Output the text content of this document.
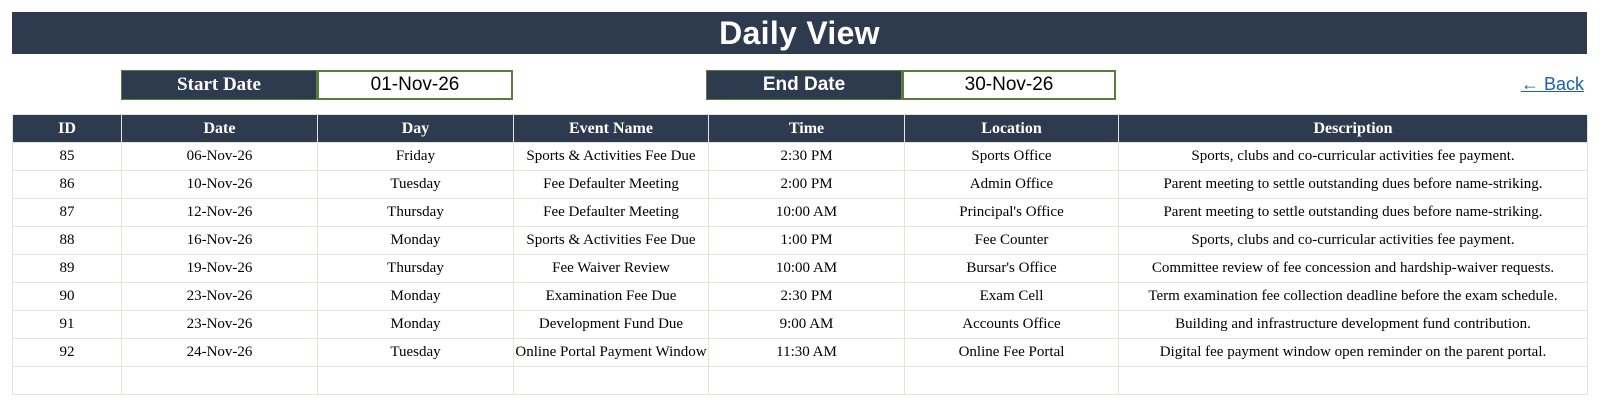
Daily View
Start Date	01-Nov-26	End Date	30-Nov-26	← Back
ID	Date	Day	Event Name	Time	Location	Description
85	06-Nov-26	Friday	Sports & Activities Fee Due	2:30 PM	Sports Office	Sports, clubs and co-curricular activities fee payment.
86	10-Nov-26	Tuesday	Fee Defaulter Meeting	2:00 PM	Admin Office	Parent meeting to settle outstanding dues before name-striking.
87	12-Nov-26	Thursday	Fee Defaulter Meeting	10:00 AM	Principal's Office	Parent meeting to settle outstanding dues before name-striking.
88	16-Nov-26	Monday	Sports & Activities Fee Due	1:00 PM	Fee Counter	Sports, clubs and co-curricular activities fee payment.
89	19-Nov-26	Thursday	Fee Waiver Review	10:00 AM	Bursar's Office	Committee review of fee concession and hardship-waiver requests.
90	23-Nov-26	Monday	Examination Fee Due	2:30 PM	Exam Cell	Term examination fee collection deadline before the exam schedule.
91	23-Nov-26	Monday	Development Fund Due	9:00 AM	Accounts Office	Building and infrastructure development fund contribution.
92	24-Nov-26	Tuesday	Online Portal Payment Window	11:30 AM	Online Fee Portal	Digital fee payment window open reminder on the parent portal.
